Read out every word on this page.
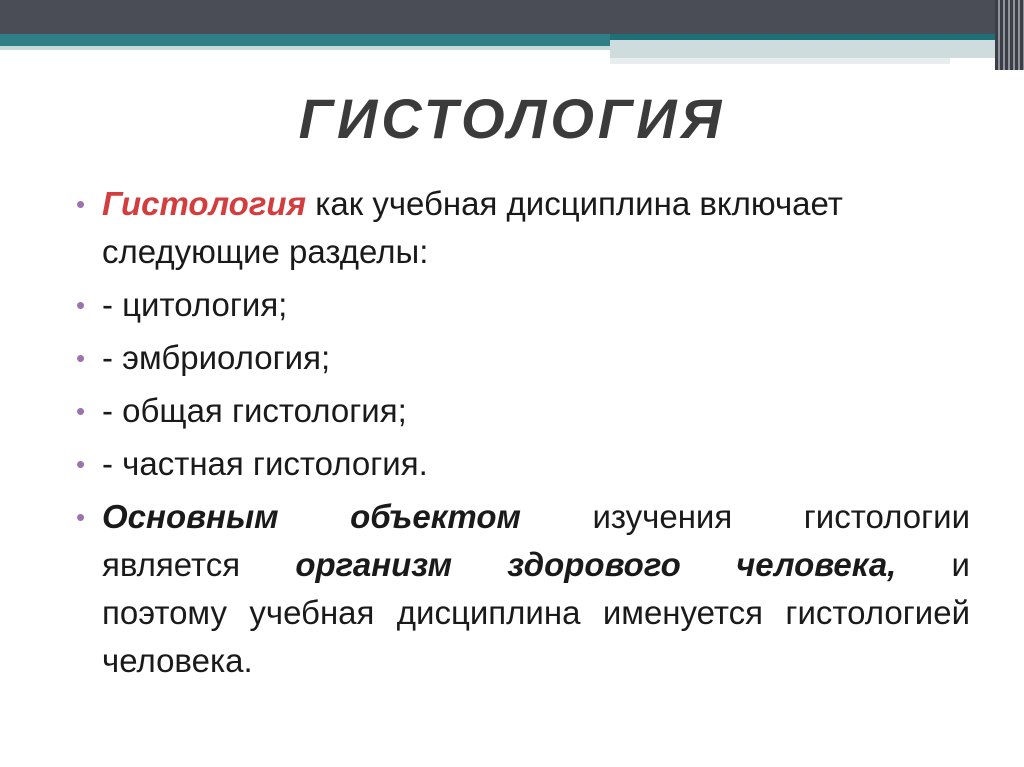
ГИСТОЛОГИЯ
• Гистология как учебная дисциплина включает следующие разделы:
• - цитология;
• - эмбриология;
• - общая гистология;
• - частная гистология.
• Основным объектом изучения гистологии является организм здорового человека, и поэтому учебная дисциплина именуется гистологией человека.
